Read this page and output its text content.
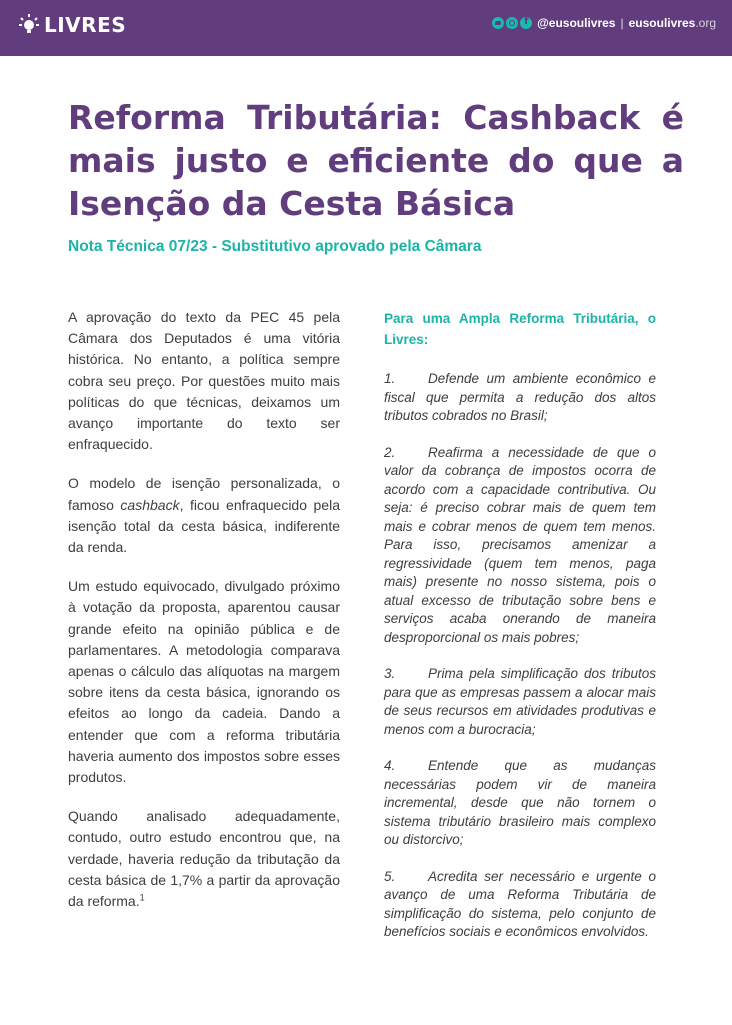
LIVRES
f	@eusoulivres | eusoulivres.org
Reforma Tributária: Cashback é mais justo e eficiente do que a Isenção da Cesta Básica
Nota Técnica 07/23 - Substitutivo aprovado pela Câmara

A aprovação do texto da PEC 45 pela Câmara dos Deputados é uma vitória histórica. No entanto, a política sempre cobra seu preço. Por questões muito mais políticas do que técnicas, deixamos um avanço importante do texto ser enfraquecido.

O modelo de isenção personalizada, o famoso cashback, ficou enfraquecido pela isenção total da cesta básica, indiferente da renda.

Um estudo equivocado, divulgado próximo à votação da proposta, aparentou causar grande efeito na opinião pública e de parlamentares. A metodologia comparava apenas o cálculo das alíquotas na margem sobre itens da cesta básica, ignorando os efeitos ao longo da cadeia. Dando a entender que com a reforma tributária haveria aumento dos impostos sobre esses produtos.

Quando analisado adequadamente, contudo, outro estudo encontrou que, na verdade, haveria redução da tributação da cesta básica de 1,7% a partir da aprovação da reforma.$^1$

Para uma Ampla Reforma Tributária, o Livres:

1. Defende um ambiente econômico e fiscal que permita a redução dos altos tributos cobrados no Brasil;

2. Reafirma a necessidade de que o valor da cobrança de impostos ocorra de acordo com a capacidade contributiva. Ou seja: é preciso cobrar mais de quem tem mais e cobrar menos de quem tem menos. Para isso, precisamos amenizar a regressividade (quem tem menos, paga mais) presente no nosso sistema, pois o atual excesso de tributação sobre bens e serviços acaba onerando de maneira desproporcional os mais pobres;

3. Prima pela simplificação dos tributos para que as empresas passem a alocar mais de seus recursos em atividades produtivas e menos com a burocracia;

4. Entende que as mudanças necessárias podem vir de maneira incremental, desde que não tornem o sistema tributário brasileiro mais complexo ou distorcivo;

5. Acredita ser necessário e urgente o avanço de uma Reforma Tributária de simplificação do sistema, pelo conjunto de benefícios sociais e econômicos envolvidos.
